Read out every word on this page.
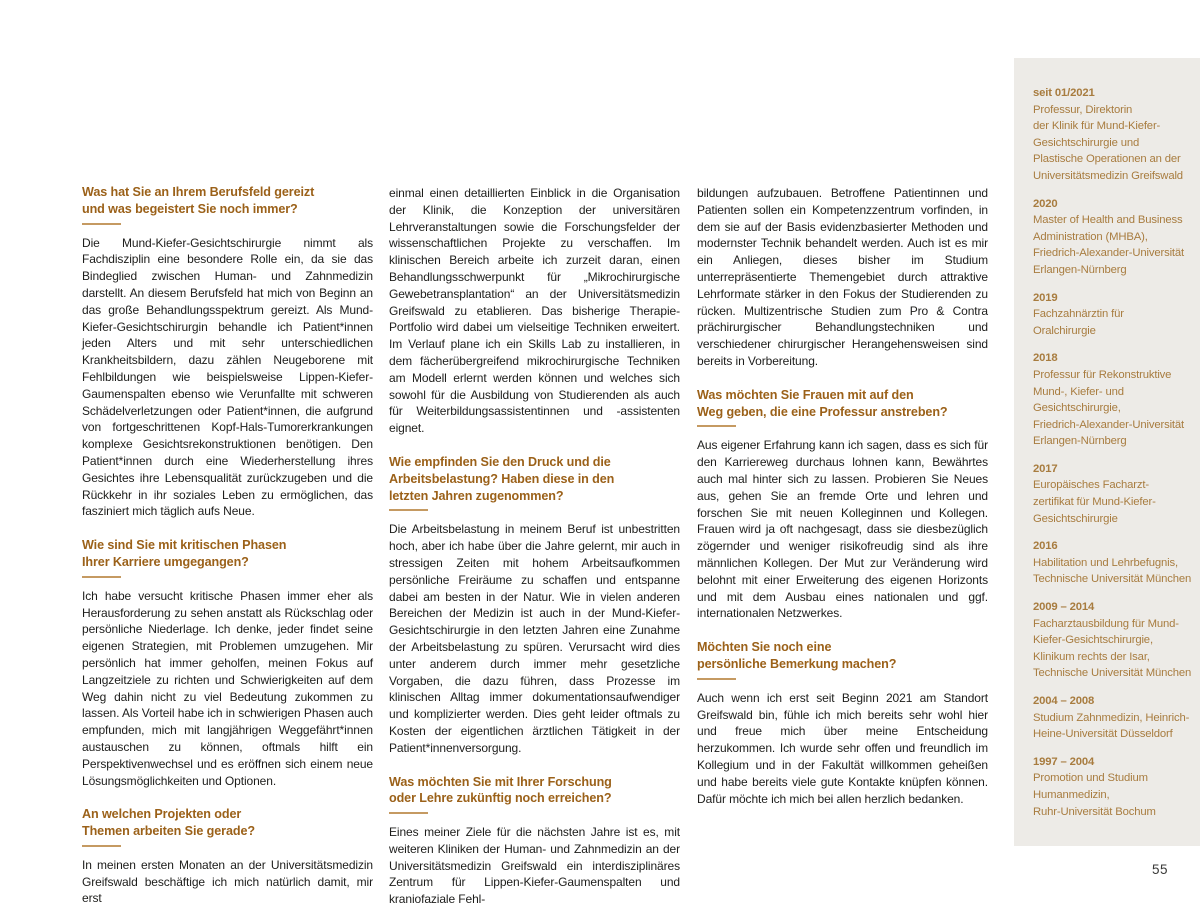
Was hat Sie an Ihrem Berufsfeld gereizt
und was begeistert Sie noch immer?

Die Mund-Kiefer-Gesichtschirurgie nimmt als Fachdisziplin eine besondere Rolle ein, da sie das Bindeglied zwischen Human- und Zahnmedizin darstellt. An diesem Berufsfeld hat mich von Beginn an das große Behandlungsspektrum gereizt. Als Mund-Kiefer-Gesichtschirurgin behandle ich Patient*innen jeden Alters und mit sehr unterschiedlichen Krankheitsbildern, dazu zählen Neugeborene mit Fehlbildungen wie beispielsweise Lippen-Kiefer-Gaumenspalten ebenso wie Verunfallte mit schweren Schädelverletzungen oder Patient*innen, die aufgrund von fortgeschrittenen Kopf-Hals-Tumorerkrankungen komplexe Gesichtsrekonstruktionen benötigen. Den Patient*innen durch eine Wiederherstellung ihres Gesichtes ihre Lebensqualität zurückzugeben und die Rückkehr in ihr soziales Leben zu ermöglichen, das fasziniert mich täglich aufs Neue.

Wie sind Sie mit kritischen Phasen
Ihrer Karriere umgegangen?

Ich habe versucht kritische Phasen immer eher als Herausforderung zu sehen anstatt als Rückschlag oder persönliche Niederlage. Ich denke, jeder findet seine eigenen Strategien, mit Problemen umzugehen. Mir persönlich hat immer geholfen, meinen Fokus auf Langzeitziele zu richten und Schwierigkeiten auf dem Weg dahin nicht zu viel Bedeutung zukommen zu lassen. Als Vorteil habe ich in schwierigen Phasen auch empfunden, mich mit langjährigen Weggefährt*innen austauschen zu können, oftmals hilft ein Perspektivenwechsel und es eröffnen sich einem neue Lösungsmöglichkeiten und Optionen.

An welchen Projekten oder
Themen arbeiten Sie gerade?

In meinen ersten Monaten an der Universitätsmedizin Greifswald beschäftige ich mich natürlich damit, mir erst

einmal einen detaillierten Einblick in die Organisation der Klinik, die Konzeption der universitären Lehrveranstaltungen sowie die Forschungsfelder der wissenschaftlichen Projekte zu verschaffen. Im klinischen Bereich arbeite ich zurzeit daran, einen Behandlungsschwerpunkt für „Mikrochirurgische Gewebetransplantation“ an der Universitätsmedizin Greifswald zu etablieren. Das bisherige Therapie-Portfolio wird dabei um vielseitige Techniken erweitert. Im Verlauf plane ich ein Skills Lab zu installieren, in dem fächerübergreifend mikrochirurgische Techniken am Modell erlernt werden können und welches sich sowohl für die Ausbildung von Studierenden als auch für Weiterbildungsassistentinnen und -assistenten eignet.

Wie empfinden Sie den Druck und die
Arbeitsbelastung? Haben diese in den
letzten Jahren zugenommen?

Die Arbeitsbelastung in meinem Beruf ist unbestritten hoch, aber ich habe über die Jahre gelernt, mir auch in stressigen Zeiten mit hohem Arbeitsaufkommen persönliche Freiräume zu schaffen und entspanne dabei am besten in der Natur. Wie in vielen anderen Bereichen der Medizin ist auch in der Mund-Kiefer-Gesichtschirurgie in den letzten Jahren eine Zunahme der Arbeitsbelastung zu spüren. Verursacht wird dies unter anderem durch immer mehr gesetzliche Vorgaben, die dazu führen, dass Prozesse im klinischen Alltag immer dokumentationsaufwendiger und komplizierter werden. Dies geht leider oftmals zu Kosten der eigentlichen ärztlichen Tätigkeit in der Patient*innenversorgung.

Was möchten Sie mit Ihrer Forschung
oder Lehre zukünftig noch erreichen?

Eines meiner Ziele für die nächsten Jahre ist es, mit weiteren Kliniken der Human- und Zahnmedizin an der Universitätsmedizin Greifswald ein interdisziplinäres Zentrum für Lippen-Kiefer-Gaumenspalten und kraniofaziale Fehl-

bildungen aufzubauen. Betroffene Patientinnen und Patienten sollen ein Kompetenzzentrum vorfinden, in dem sie auf der Basis evidenzbasierter Methoden und modernster Technik behandelt werden. Auch ist es mir ein Anliegen, dieses bisher im Studium unterrepräsentierte Themengebiet durch attraktive Lehrformate stärker in den Fokus der Studierenden zu rücken. Multizentrische Studien zum Pro & Contra prächirurgischer Behandlungstechniken und verschiedener chirurgischer Herangehensweisen sind bereits in Vorbereitung.

Was möchten Sie Frauen mit auf den
Weg geben, die eine Professur anstreben?

Aus eigener Erfahrung kann ich sagen, dass es sich für den Karriereweg durchaus lohnen kann, Bewährtes auch mal hinter sich zu lassen. Probieren Sie Neues aus, gehen Sie an fremde Orte und lehren und forschen Sie mit neuen Kolleginnen und Kollegen. Frauen wird ja oft nachgesagt, dass sie diesbezüglich zögernder und weniger risikofreudig sind als ihre männlichen Kollegen. Der Mut zur Veränderung wird belohnt mit einer Erweiterung des eigenen Horizonts und mit dem Ausbau eines nationalen und ggf. internationalen Netzwerkes.

Möchten Sie noch eine
persönliche Bemerkung machen?

Auch wenn ich erst seit Beginn 2021 am Standort Greifswald bin, fühle ich mich bereits sehr wohl hier und freue mich über meine Entscheidung herzukommen. Ich wurde sehr offen und freundlich im Kollegium und in der Fakultät willkommen geheißen und habe bereits viele gute Kontakte knüpfen können. Dafür möchte ich mich bei allen herzlich bedanken.

seit 01/2021
Professur, Direktorin
der Klinik für Mund-Kiefer-
Gesichtschirurgie und
Plastische Operationen an der
Universitätsmedizin Greifswald
2020
Master of Health and Business
Administration (MHBA),
Friedrich-Alexander-Universität
Erlangen-Nürnberg
2019
Fachzahnärztin für
Oralchirurgie
2018
Professur für Rekonstruktive
Mund-, Kiefer- und
Gesichtschirurgie,
Friedrich-Alexander-Universität
Erlangen-Nürnberg
2017
Europäisches Facharzt-
zertifikat für Mund-Kiefer-
Gesichtschirurgie
2016
Habilitation und Lehrbefugnis,
Technische Universität München
2009 – 2014
Facharztausbildung für Mund-
Kiefer-Gesichtschirurgie,
Klinikum rechts der Isar,
Technische Universität München
2004 – 2008
Studium Zahnmedizin, Heinrich-
Heine-Universität Düsseldorf
1997 – 2004
Promotion und Studium
Humanmedizin,
Ruhr-Universität Bochum
55
